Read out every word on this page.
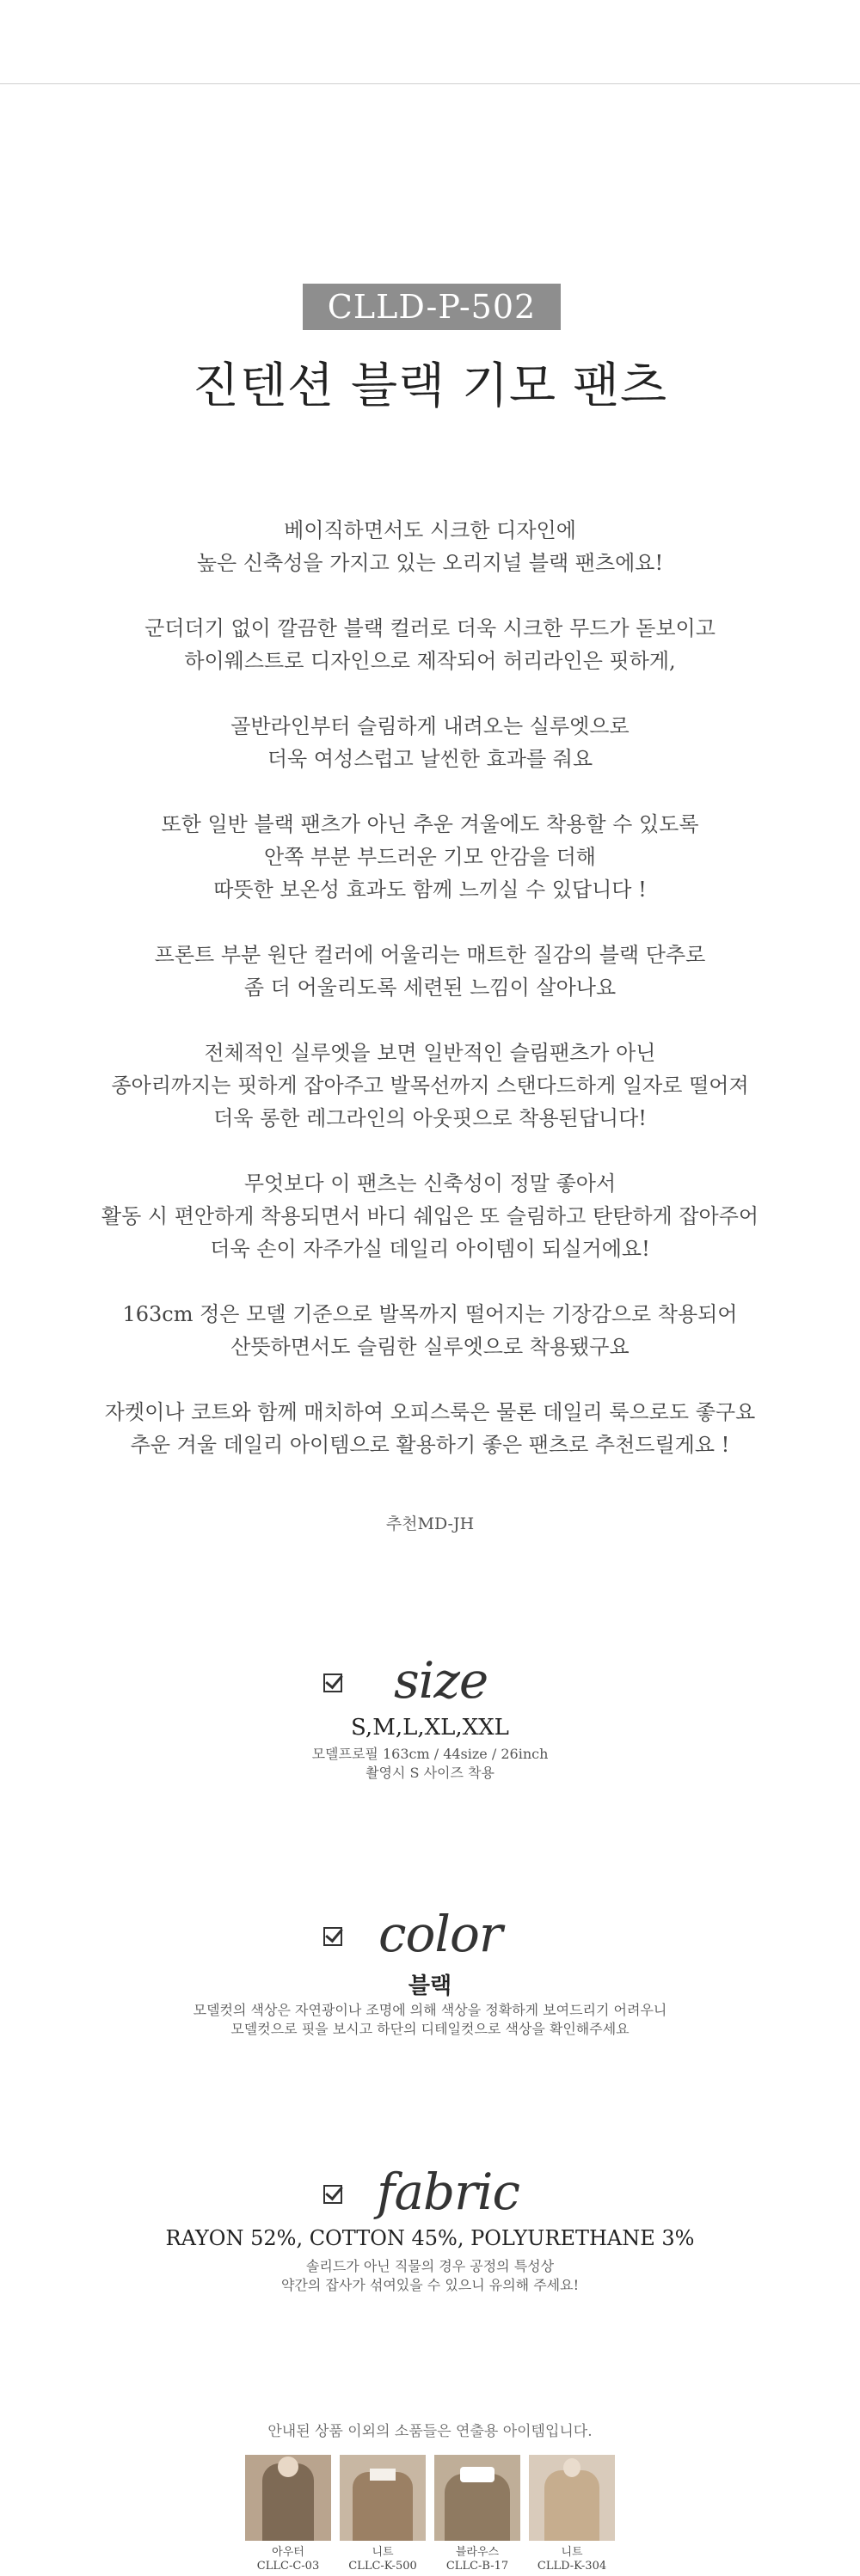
CLLD-P-502
진텐션 블랙 기모 팬츠

베이직하면서도 시크한 디자인에
높은 신축성을 가지고 있는 오리지널 블랙 팬츠에요!

군더더기 없이 깔끔한 블랙 컬러로 더욱 시크한 무드가 돋보이고
하이웨스트로 디자인으로 제작되어 허리라인은 핏하게,

골반라인부터 슬림하게 내려오는 실루엣으로
더욱 여성스럽고 날씬한 효과를 줘요

또한 일반 블랙 팬츠가 아닌 추운 겨울에도 착용할 수 있도록
안쪽 부분 부드러운 기모 안감을 더해
따뜻한 보온성 효과도 함께 느끼실 수 있답니다 !

프론트 부분 원단 컬러에 어울리는 매트한 질감의 블랙 단추로
좀 더 어울리도록 세련된 느낌이 살아나요

전체적인 실루엣을 보면 일반적인 슬림팬츠가 아닌
종아리까지는 핏하게 잡아주고 발목선까지 스탠다드하게 일자로 떨어져
더욱 롱한 레그라인의 아웃핏으로 착용된답니다!

무엇보다 이 팬츠는 신축성이 정말 좋아서
활동 시 편안하게 착용되면서 바디 쉐입은 또 슬림하고 탄탄하게 잡아주어
더욱 손이 자주가실 데일리 아이템이 되실거에요!

163cm 정은 모델 기준으로 발목까지 떨어지는 기장감으로 착용되어
산뜻하면서도 슬림한 실루엣으로 착용됐구요

자켓이나 코트와 함께 매치하여 오피스룩은 물론 데일리 룩으로도 좋구요
추운 겨울 데일리 아이템으로 활용하기 좋은 팬츠로 추천드릴게요 !

추천MD-JH
size
S,M,L,XL,XXL
모델프로필 163cm / 44size / 26inch
촬영시 S 사이즈 착용
color
블랙
모델컷의 색상은 자연광이나 조명에 의해 색상을 정확하게 보여드리기 어려우니
모델컷으로 핏을 보시고 하단의 디테일컷으로 색상을 확인해주세요
fabric
RAYON 52%, COTTON 45%, POLYURETHANE 3%
솔리드가 아닌 직물의 경우 공정의 특성상
약간의 잡사가 섞여있을 수 있으니 유의해 주세요!
안내된 상품 이외의 소품들은 연출용 아이템입니다.
아우터
CLLC-C-03
니트
CLLC-K-500
블라우스
CLLC-B-17
니트
CLLD-K-304
